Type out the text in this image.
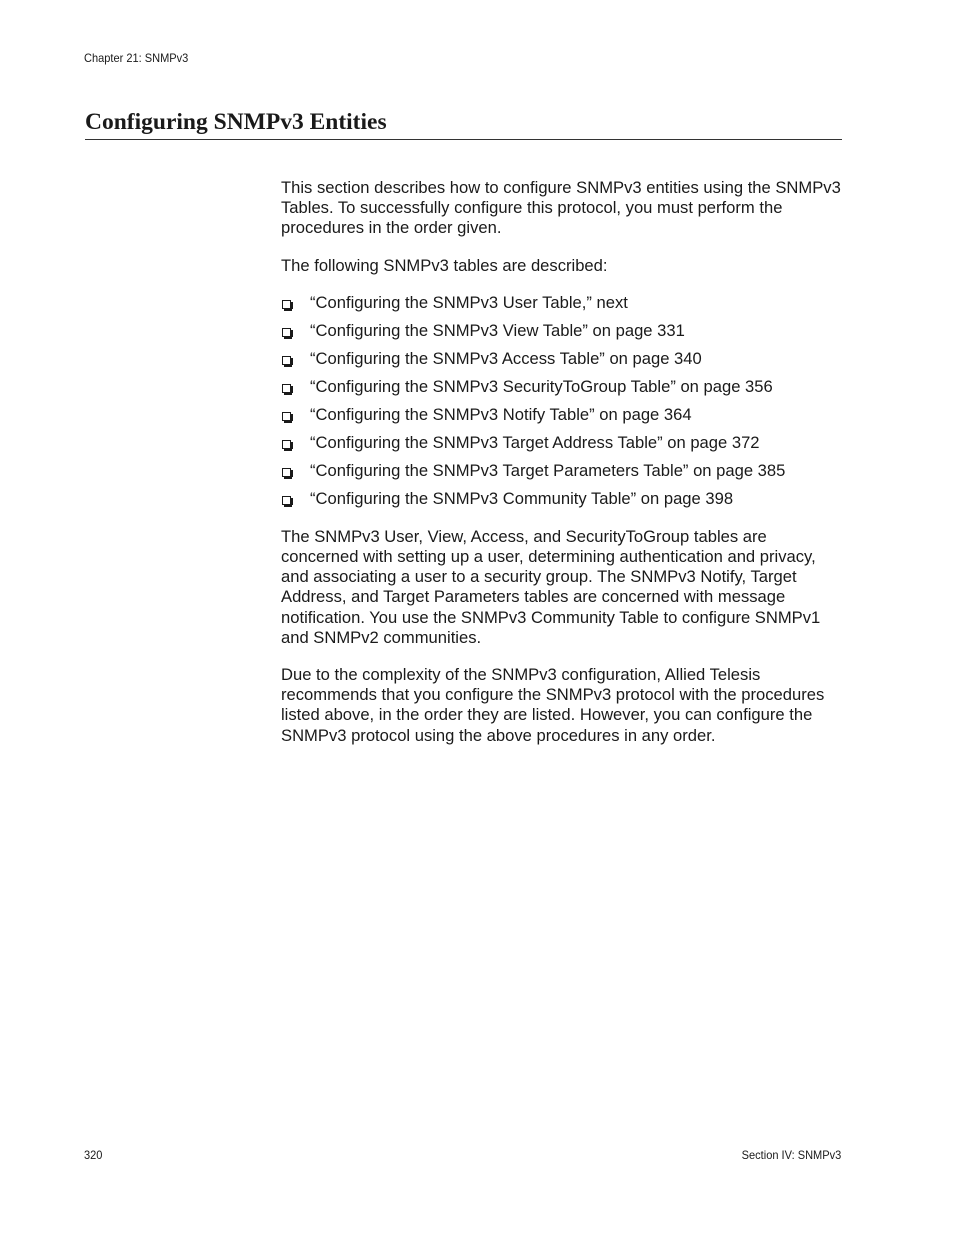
Chapter 21: SNMPv3
Configuring SNMPv3 Entities

This section describes how to configure SNMPv3 entities using the SNMPv3 Tables. To successfully configure this protocol, you must perform the procedures in the order given.

The following SNMPv3 tables are described:

“Configuring the SNMPv3 User Table,” next
“Configuring the SNMPv3 View Table” on page 331
“Configuring the SNMPv3 Access Table” on page 340
“Configuring the SNMPv3 SecurityToGroup Table” on page 356
“Configuring the SNMPv3 Notify Table” on page 364
“Configuring the SNMPv3 Target Address Table” on page 372
“Configuring the SNMPv3 Target Parameters Table” on page 385
“Configuring the SNMPv3 Community Table” on page 398

The SNMPv3 User, View, Access, and SecurityToGroup tables are concerned with setting up a user, determining authentication and privacy, and associating a user to a security group. The SNMPv3 Notify, Target Address, and Target Parameters tables are concerned with message notification. You use the SNMPv3 Community Table to configure SNMPv1 and SNMPv2 communities.

Due to the complexity of the SNMPv3 configuration, Allied Telesis recommends that you configure the SNMPv3 protocol with the procedures listed above, in the order they are listed. However, you can configure the SNMPv3 protocol using the above procedures in any order.

320	Section IV: SNMPv3
